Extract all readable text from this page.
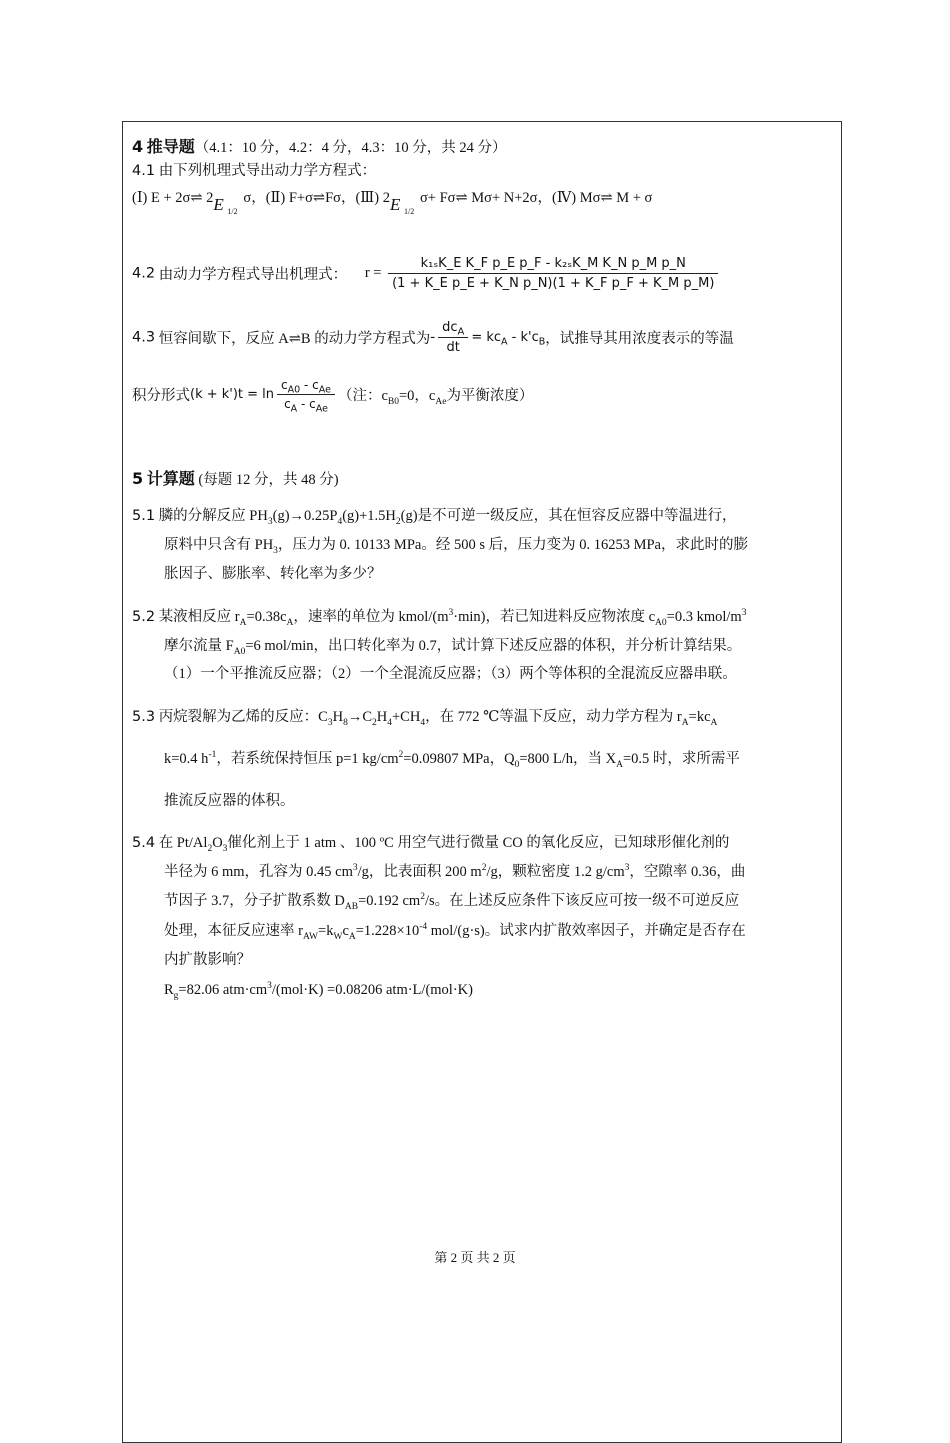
4 推导题（4.1：10 分，4.2：4 分，4.3：10 分，共 24 分）
4.1 由下列机理式导出动力学方程式：
(Ⅰ) E + 2σ⇌ 2 E 1/2
σ，(Ⅱ) F+σ⇌Fσ，(Ⅲ) 2 E 1/2
σ+ Fσ⇌ Mσ+ N+2σ，(Ⅳ) Mσ⇌ M + σ
4.2 由动力学方程式导出机理式： $r = \frac{\text{k₁ₛK\_E K\_F p\_E p\_F - k₂ₛK\_M K\_N p\_M p\_N}}{\text{(1 + K\_E p\_E + K\_N p\_N)(1 + K\_F p\_F + K\_M p\_M)}}$
4.3 恒容间歇下，反应 A⇌B 的动力学方程式为- $\frac{dc_A}{dt} = kc_A - k'c_B$，试推导其用浓度表示的等温
积分形式$(k + k')t = \ln \frac{c_{A0} - c_{Ae}}{c_A - c_{Ae}}$ （注：$c_{B0}=0$，$c_{Ae}$为平衡浓度）
5 计算题 (每题 12 分，共 48 分)
5.1 膦的分解反应 $PH_3(g)\to 0.25P_4(g)+1.5H_2(g)$是不可逆一级反应，其在恒容反应器中等温进行，
原料中只含有 $PH_3$，压力为 0. 10133 MPa。经 500 s 后，压力变为 0. 16253 MPa，求此时的膨
胀因子、膨胀率、转化率为多少？
5.2 某液相反应 $r_A=0.38c_A$，速率的单位为 kmol/$(m^3\cdot\min)$，若已知进料反应物浓度 $c_{A0}=0.3$ kmol/$m^3$
摩尔流量 $F_{A0}=6$ mol/min，出口转化率为 0.7，试计算下述反应器的体积，并分析计算结果。
（1）一个平推流反应器；（2）一个全混流反应器；（3）两个等体积的全混流反应器串联。
5.3 丙烷裂解为乙烯的反应：$C_3H_8\to C_2H_4+CH_4$，在 772 ℃等温下反应，动力学方程为 $r_A=kc_A$
k=0.4 $h^{-1}$，若系统保持恒压 p=1 $kg/cm^2=0.09807$ MPa，$Q_0=800$ L/h，当 $X_A=0.5$ 时，求所需平
推流反应器的体积。
5.4 在 $Pt/Al_2O_3$催化剂上于 1 atm 、100 ºC 用空气进行微量 CO 的氧化反应，已知球形催化剂的
半径为 6 mm，孔容为 0.45 $cm^3/g$，比表面积 200 $m^2/g$，颗粒密度 1.2 $g/cm^3$，空隙率 0.36，曲
节因子 3.7，分子扩散系数 $D_{AB}=0.192$ $cm^2/s$。在上述反应条件下该反应可按一级不可逆反应
处理，本征反应速率 $r_{AW}=k_Wc_A=1.228\times 10^{-4}$ mol/(g·s)。试求内扩散效率因子，并确定是否存在
内扩散影响？
$R_g=82.06$ $atm\cdot cm^3/(mol\cdot K) =0.08206$ atm·L/(mol·K)
第 2 页 共 2 页
